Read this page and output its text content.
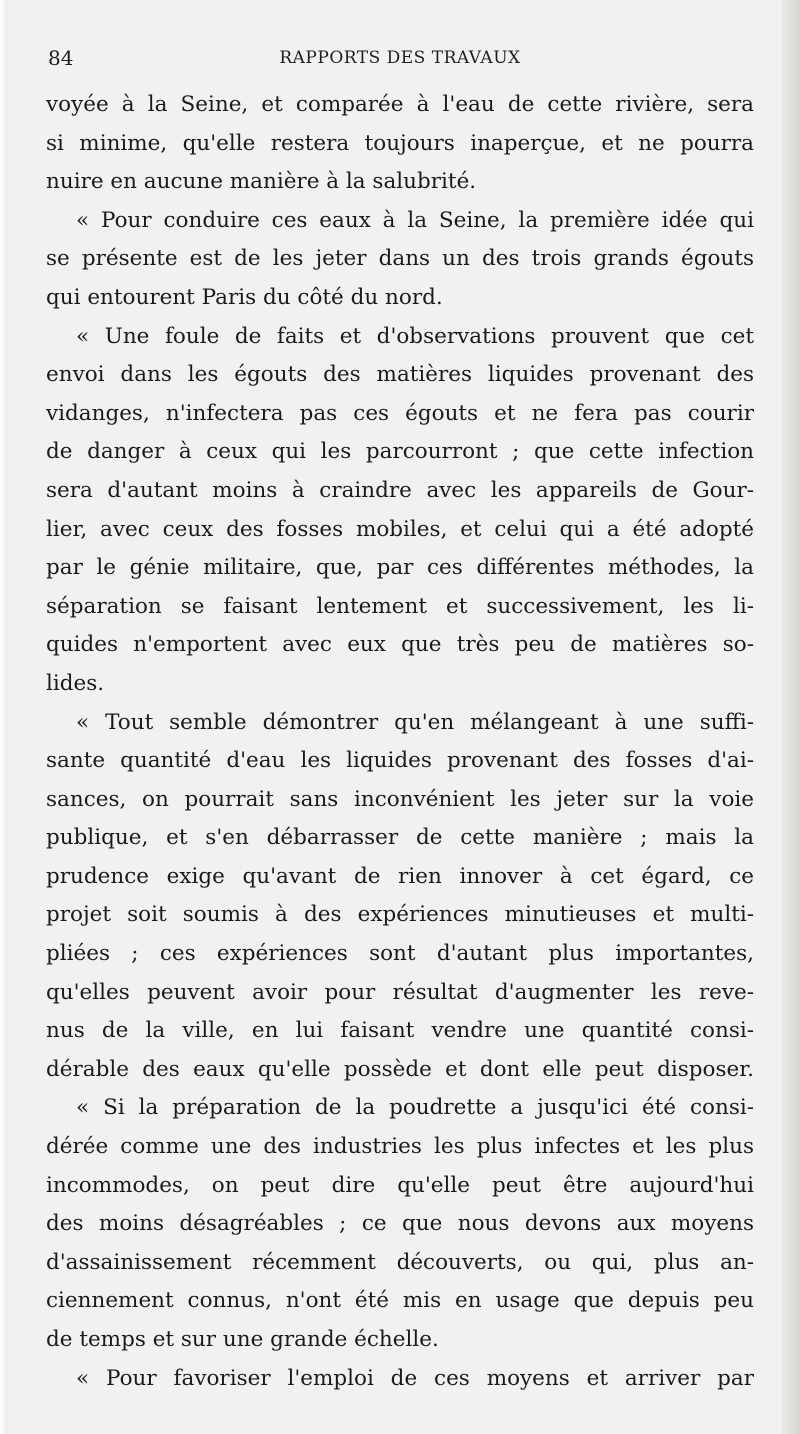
84	RAPPORTS DES TRAVAUX
voyée à la Seine, et comparée à l'eau de cette rivière, sera
si minime, qu'elle restera toujours inaperçue, et ne pourra
nuire en aucune manière à la salubrité.
« Pour conduire ces eaux à la Seine, la première idée qui
se présente est de les jeter dans un des trois grands égouts
qui entourent Paris du côté du nord.
« Une foule de faits et d'observations prouvent que cet
envoi dans les égouts des matières liquides provenant des
vidanges, n'infectera pas ces égouts et ne fera pas courir
de danger à ceux qui les parcourront ; que cette infection
sera d'autant moins à craindre avec les appareils de Gour-
lier, avec ceux des fosses mobiles, et celui qui a été adopté
par le génie militaire, que, par ces différentes méthodes, la
séparation se faisant lentement et successivement, les li-
quides n'emportent avec eux que très peu de matières so-
lides.
« Tout semble démontrer qu'en mélangeant à une suffi-
sante quantité d'eau les liquides provenant des fosses d'ai-
sances, on pourrait sans inconvénient les jeter sur la voie
publique, et s'en débarrasser de cette manière ; mais la
prudence exige qu'avant de rien innover à cet égard, ce
projet soit soumis à des expériences minutieuses et multi-
pliées ; ces expériences sont d'autant plus importantes,
qu'elles peuvent avoir pour résultat d'augmenter les reve-
nus de la ville, en lui faisant vendre une quantité consi-
dérable des eaux qu'elle possède et dont elle peut disposer.
« Si la préparation de la poudrette a jusqu'ici été consi-
dérée comme une des industries les plus infectes et les plus
incommodes, on peut dire qu'elle peut être aujourd'hui
des moins désagréables ; ce que nous devons aux moyens
d'assainissement récemment découverts, ou qui, plus an-
ciennement connus, n'ont été mis en usage que depuis peu
de temps et sur une grande échelle.
« Pour favoriser l'emploi de ces moyens et arriver par
